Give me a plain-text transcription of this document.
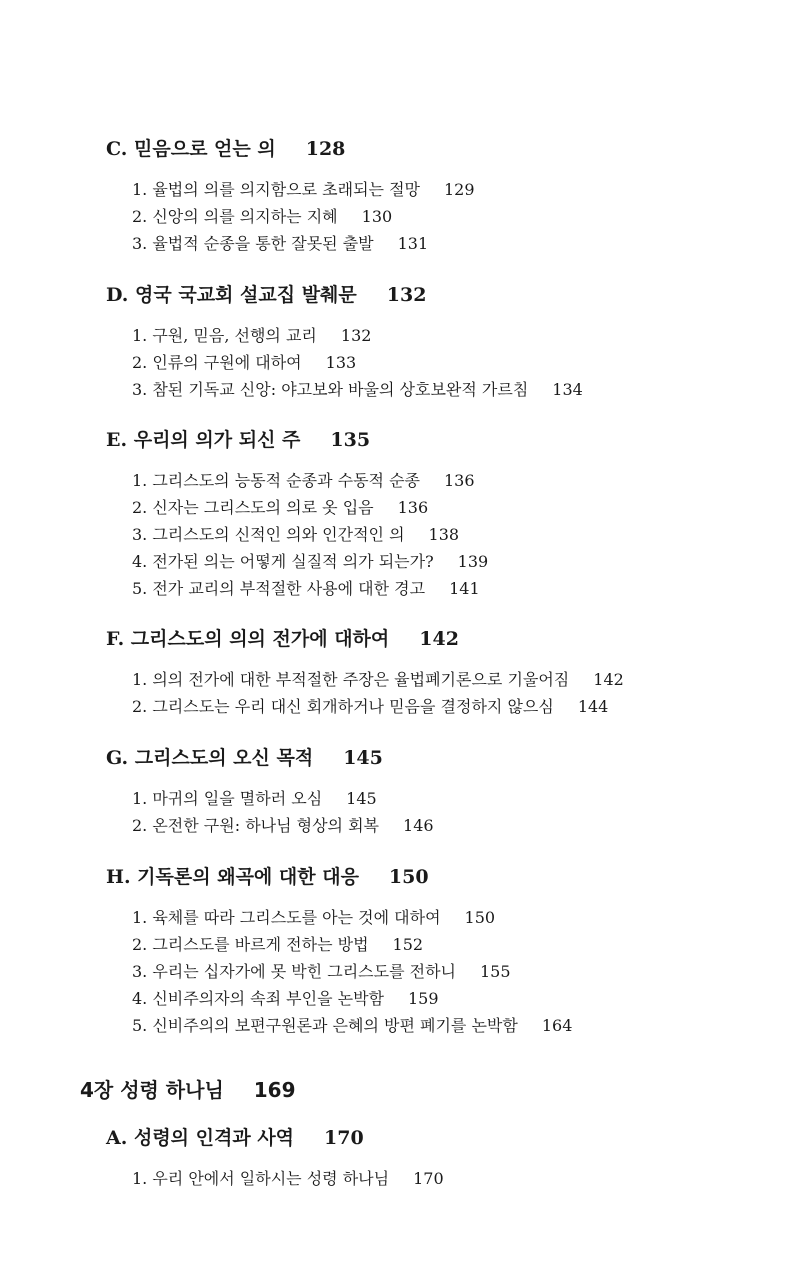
C. 믿음으로 얻는 의 128
1. 율법의 의를 의지함으로 초래되는 절망 129
2. 신앙의 의를 의지하는 지혜 130
3. 율법적 순종을 통한 잘못된 출발 131
D. 영국 국교회 설교집 발췌문 132
1. 구원, 믿음, 선행의 교리 132
2. 인류의 구원에 대하여 133
3. 참된 기독교 신앙: 야고보와 바울의 상호보완적 가르침 134
E. 우리의 의가 되신 주 135
1. 그리스도의 능동적 순종과 수동적 순종 136
2. 신자는 그리스도의 의로 옷 입음 136
3. 그리스도의 신적인 의와 인간적인 의 138
4. 전가된 의는 어떻게 실질적 의가 되는가? 139
5. 전가 교리의 부적절한 사용에 대한 경고 141
F. 그리스도의 의의 전가에 대하여 142
1. 의의 전가에 대한 부적절한 주장은 율법폐기론으로 기울어짐 142
2. 그리스도는 우리 대신 회개하거나 믿음을 결정하지 않으심 144
G. 그리스도의 오신 목적 145
1. 마귀의 일을 멸하러 오심 145
2. 온전한 구원: 하나님 형상의 회복 146
H. 기독론의 왜곡에 대한 대응 150
1. 육체를 따라 그리스도를 아는 것에 대하여 150
2. 그리스도를 바르게 전하는 방법 152
3. 우리는 십자가에 못 박힌 그리스도를 전하니 155
4. 신비주의자의 속죄 부인을 논박함 159
5. 신비주의의 보편구원론과 은혜의 방편 폐기를 논박함 164
4장 성령 하나님 169
A. 성령의 인격과 사역 170
1. 우리 안에서 일하시는 성령 하나님 170
